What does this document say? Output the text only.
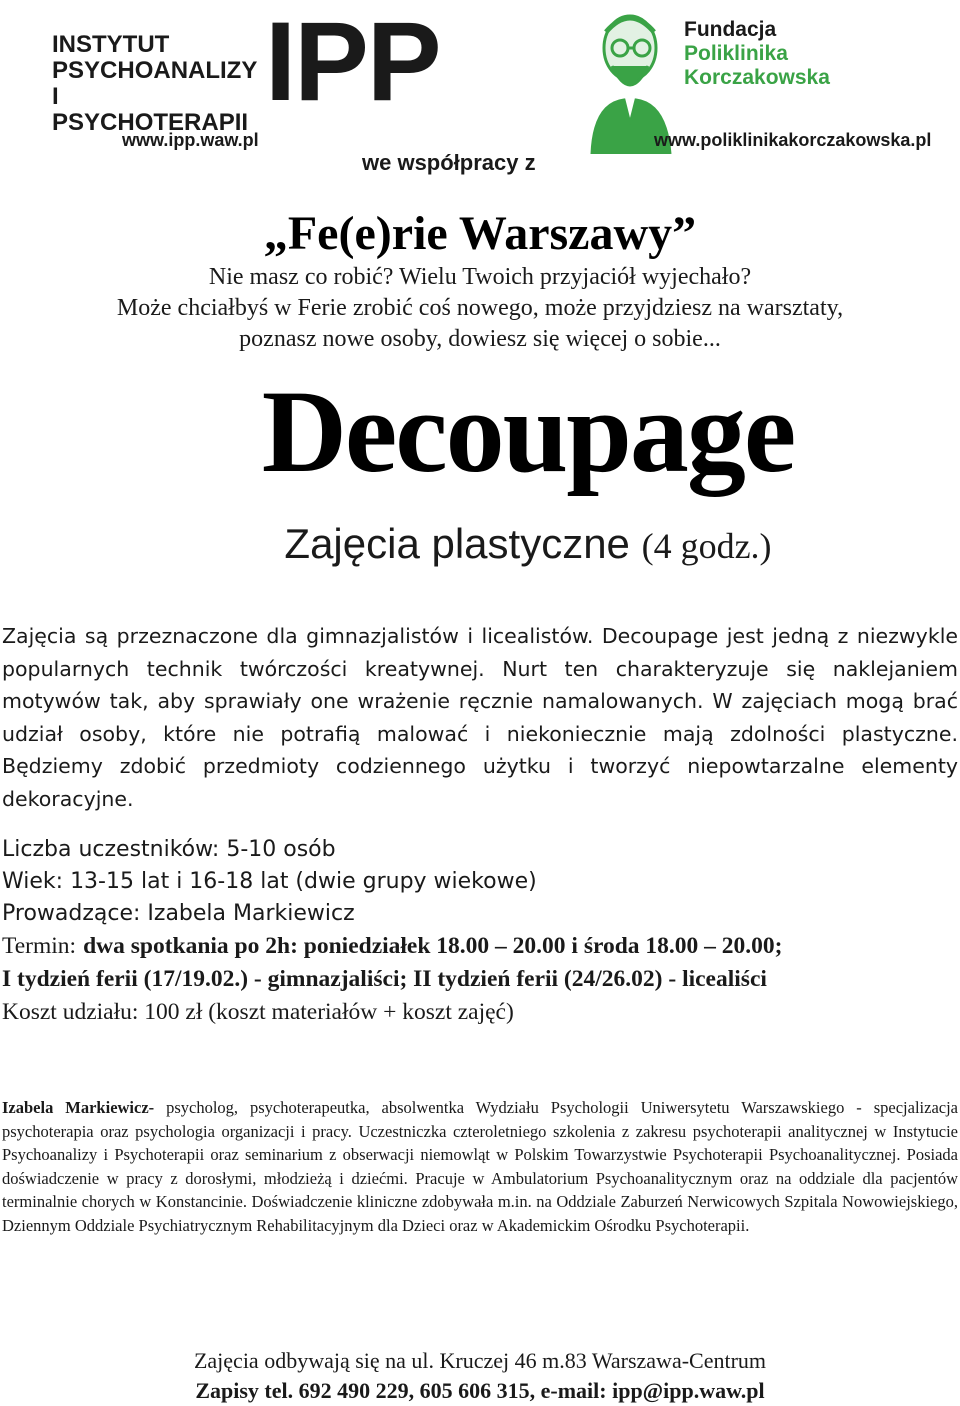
INSTYTUT
PSYCHOANALIZY
I PSYCHOTERAPII IPP
www.ipp.waw.pl
we współpracy z
Fundacja
Poliklinika
Korczakowska
www.poliklinikakorczakowska.pl
„Fe(e)rie Warszawy”
Nie masz co robić? Wielu Twoich przyjaciół wyjechało?
Może chciałbyś w Ferie zrobić coś nowego, może przyjdziesz na warsztaty,
poznasz nowe osoby, dowiesz się więcej o sobie...
Decoupage
Zajęcia plastyczne (4 godz.)
Zajęcia są przeznaczone dla gimnazjalistów i licealistów. Decoupage jest jedną z niezwykle popularnych technik twórczości kreatywnej. Nurt ten charakteryzuje się naklejaniem motywów tak, aby sprawiały one wrażenie ręcznie namalowanych. W zajęciach mogą brać udział osoby, które nie potrafią malować i niekoniecznie mają zdolności plastyczne. Będziemy zdobić przedmioty codziennego użytku i tworzyć niepowtarzalne elementy dekoracyjne.
Liczba uczestników: 5-10 osób
Wiek: 13-15 lat i 16-18 lat (dwie grupy wiekowe)
Prowadzące: Izabela Markiewicz
Termin: dwa spotkania po 2h: poniedziałek 18.00 – 20.00 i środa 18.00 – 20.00;
I tydzień ferii (17/19.02.) - gimnazjaliści; II tydzień ferii (24/26.02) - licealiści
Koszt udziału: 100 zł (koszt materiałów + koszt zajęć)
Izabela Markiewicz- psycholog, psychoterapeutka, absolwentka Wydziału Psychologii Uniwersytetu Warszawskiego - specjalizacja psychoterapia oraz psychologia organizacji i pracy. Uczestniczka czteroletniego szkolenia z zakresu psychoterapii analitycznej w Instytucie Psychoanalizy i Psychoterapii oraz seminarium z obserwacji niemowląt w Polskim Towarzystwie Psychoterapii Psychoanalitycznej. Posiada doświadczenie w pracy z dorosłymi, młodzieżą i dziećmi. Pracuje w Ambulatorium Psychoanalitycznym oraz na oddziale dla pacjentów terminalnie chorych w Konstancinie. Doświadczenie kliniczne zdobywała m.in. na Oddziale Zaburzeń Nerwicowych Szpitala Nowowiejskiego, Dziennym Oddziale Psychiatrycznym Rehabilitacyjnym dla Dzieci oraz w Akademickim Ośrodku Psychoterapii.
Zajęcia odbywają się na ul. Kruczej 46 m.83 Warszawa-Centrum
Zapisy tel. 692 490 229, 605 606 315, e-mail: ipp@ipp.waw.pl
